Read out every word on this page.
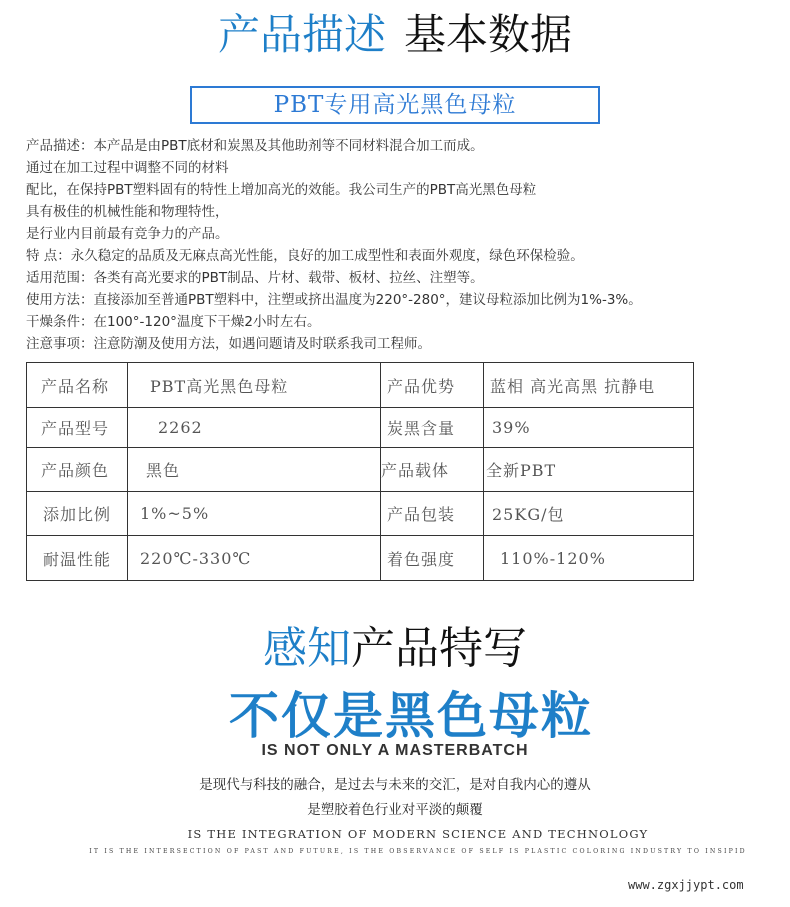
产品描述 基本数据
PBT专用高光黑色母粒
产品描述：本产品是由PBT底材和炭黑及其他助剂等不同材料混合加工而成。
通过在加工过程中调整不同的材料
配比，在保持PBT塑料固有的特性上增加高光的效能。我公司生产的PBT高光黑色母粒
具有极佳的机械性能和物理特性，
是行业内目前最有竞争力的产品。
特 点：永久稳定的品质及无麻点高光性能，良好的加工成型性和表面外观度，绿色环保检验。
适用范围：各类有高光要求的PBT制品、片材、载带、板材、拉丝、注塑等。
使用方法：直接添加至普通PBT塑料中，注塑或挤出温度为220°-280°，建议母粒添加比例为1%-3%。
干燥条件：在100°-120°温度下干燥2小时左右。
注意事项：注意防潮及使用方法，如遇问题请及时联系我司工程师。
产品名称	PBT高光黑色母粒	产品优势	蓝相 高光高黑 抗静电
产品型号	2262	炭黑含量	39%
产品颜色	黑色	产品载体	全新PBT
添加比例	1%~5%	产品包装	25KG/包
耐温性能	220℃-330℃	着色强度	110%-120%
感知产品特写
不仅是黑色母粒
IS NOT ONLY A MASTERBATCH
是现代与科技的融合，是过去与未来的交汇，是对自我内心的遵从
是塑胶着色行业对平淡的颠覆
IS THE INTEGRATION OF MODERN SCIENCE AND TECHNOLOGY
IT IS THE INTERSECTION OF PAST AND FUTURE, IS THE OBSERVANCE OF SELF IS PLASTIC COLORING INDUSTRY TO INSIPID
www.zgxjjypt.com
